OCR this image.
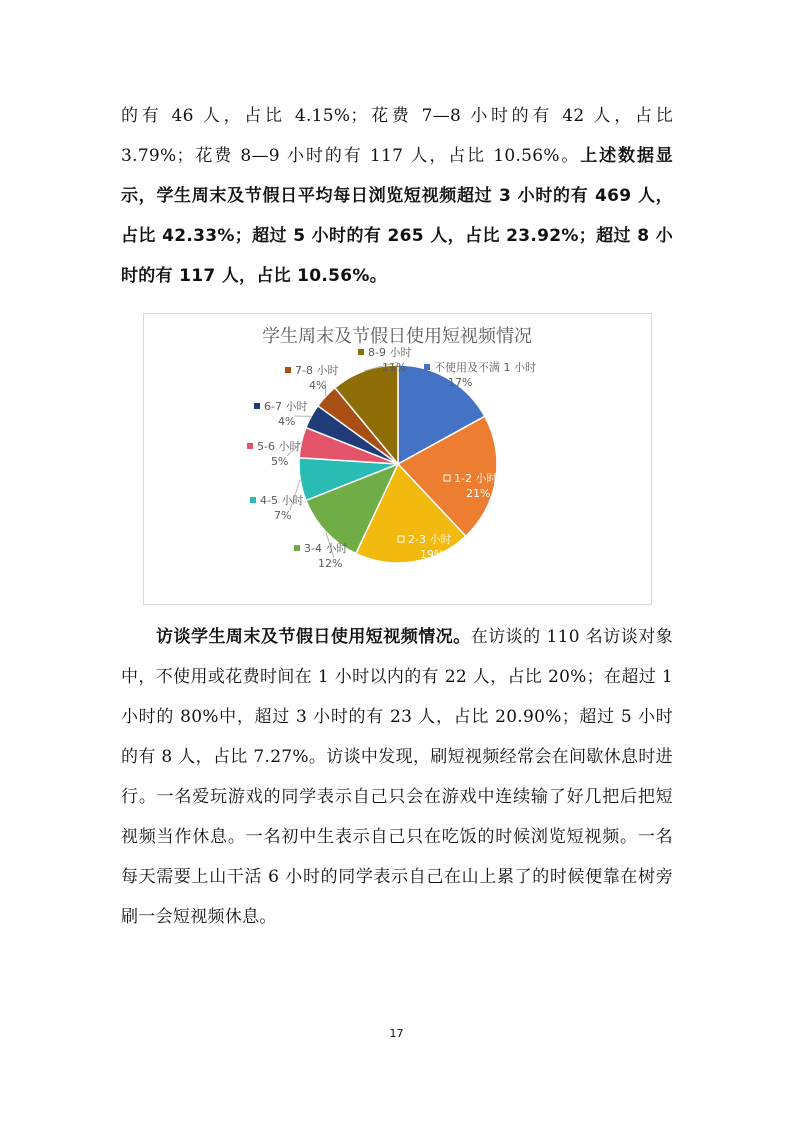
的有 46 人，占比 4.15%；花费 7—8 小时的有 42 人，占比 3.79%；花费 8—9 小时的有 117 人，占比 10.56%。上述数据显示，学生周末及节假日平均每日浏览短视频超过 3 小时的有 469 人，占比 42.33%；超过 5 小时的有 265 人，占比 23.92%；超过 8 小时的有 117 人，占比 10.56%。
学生周末及节假日使用短视频情况
不使用及不满 1 小时
17%
1-2 小时
21%
2-3 小时
19%
3-4 小时
12%
4-5 小时
7%
5-6 小时
5%
6-7 小时
4%
7-8 小时
4%
8-9 小时
11%
访谈学生周末及节假日使用短视频情况。在访谈的 110 名访谈对象中，不使用或花费时间在 1 小时以内的有 22 人，占比 20%；在超过 1 小时的 80%中，超过 3 小时的有 23 人，占比 20.90%；超过 5 小时的有 8 人，占比 7.27%。访谈中发现，刷短视频经常会在间歇休息时进行。一名爱玩游戏的同学表示自己只会在游戏中连续输了好几把后把短视频当作休息。一名初中生表示自己只在吃饭的时候浏览短视频。一名每天需要上山干活 6 小时的同学表示自己在山上累了的时候便靠在树旁刷一会短视频休息。
17
